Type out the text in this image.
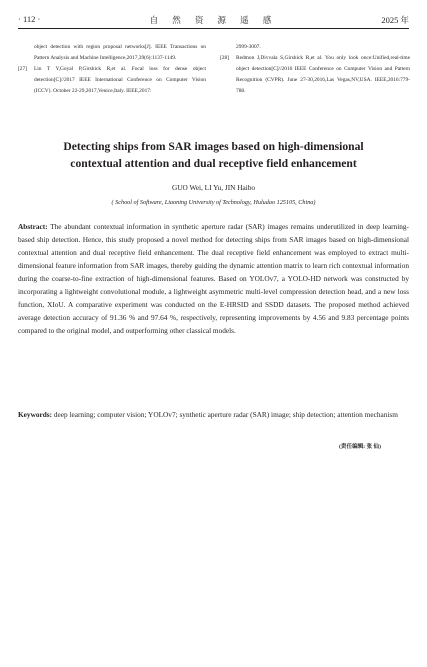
· 112 ·	自 然 资 源 遥 感	2025 年
object detection with region proposal networks[J]. IEEE Transactions on Pattern Analysis and Machine Intelligence,2017,39(6):1137-1149.
[27]	Lin T Y,Goyal P,Girshick R,et al. Focal loss for dense object detection[C]//2017 IEEE International Conference on Computer Vision (ICCV). October 22-29,2017,Venice,Italy. IEEE,2017:
2999-3007.
[28]	Redmon J,Divvala S,Girshick R,et al. You only look once:Unified,real-time object detection[C]//2016 IEEE Conference on Computer Vision and Pattern Recognition (CVPR). June 27-30,2016,Las Vegas,NV,USA. IEEE,2016:779-788.
Detecting ships from SAR images based on high-dimensional
contextual attention and dual receptive field enhancement
GUO Wei, LI Yu, JIN Haibo
( School of Software, Liaoning University of Technology, Huludao 125105, China)
Abstract: The abundant contextual information in synthetic aperture radar (SAR) images remains underutilized in deep learning-based ship detection. Hence, this study proposed a novel method for detecting ships from SAR images based on high-dimensional contextual attention and dual receptive field enhancement. The dual receptive field enhancement was employed to extract multi-dimensional feature information from SAR images, thereby guiding the dynamic attention matrix to learn rich contextual information during the coarse-to-fine extraction of high-dimensional features. Based on YOLOv7, a YOLO-HD network was constructed by incorporating a lightweight convolutional module, a lightweight asymmetric multi-level compression detection head, and a new loss function, XIoU. A comparative experiment was conducted on the E-HRSID and SSDD datasets. The proposed method achieved average detection accuracy of 91.36 % and 97.64 %, respectively, representing improvements by 4.56 and 9.83 percentage points compared to the original model, and outperforming other classical models.
Keywords: deep learning; computer vision; YOLOv7; synthetic aperture radar (SAR) image; ship detection; attention mechanism
(责任编辑: 张 仙)
